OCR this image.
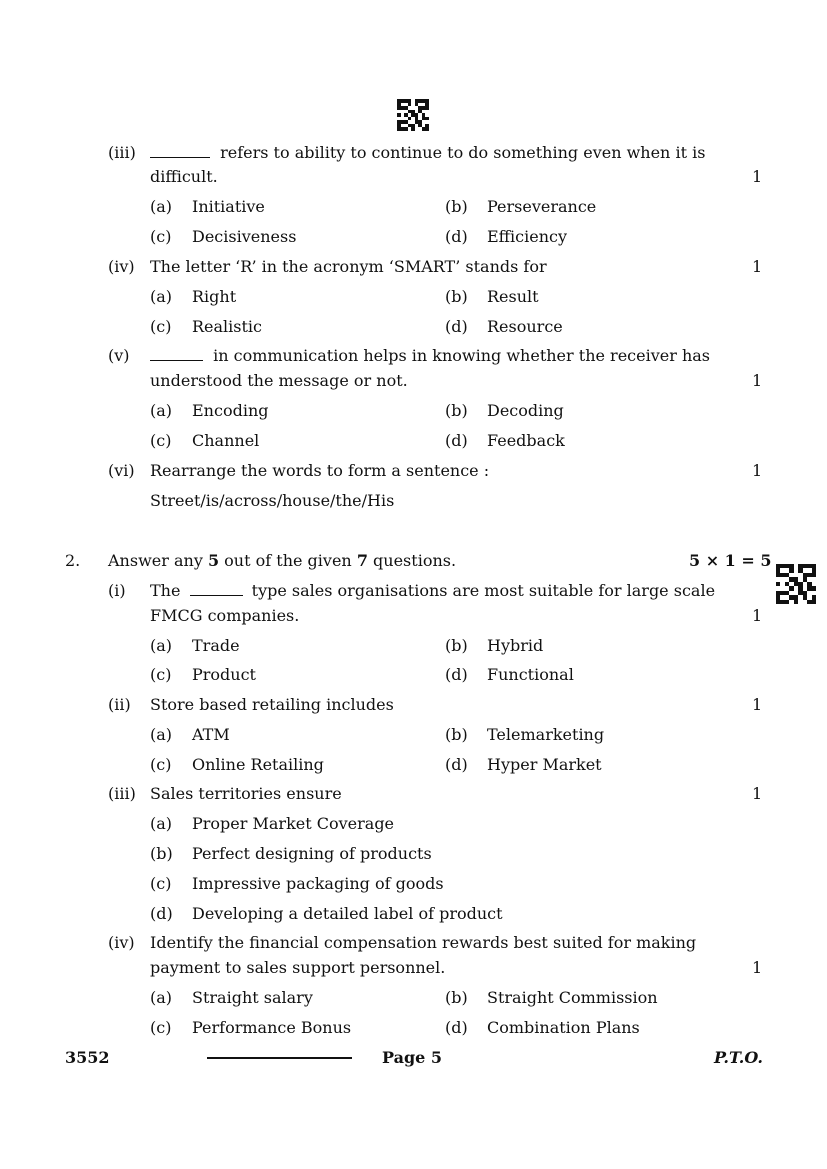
(iii)	refers to ability to continue to do something even when it is
difficult.	1
(a) Initiative	(b) Perseverance
(c) Decisiveness	(d) Efficiency
(iv) The letter ‘R’ in the acronym ‘SMART’ stands for	1
(a) Right	(b) Result
(c) Realistic	(d) Resource
(v)	in communication helps in knowing whether the receiver has
understood the message or not.	1
(a) Encoding	(b) Decoding
(c) Channel	(d) Feedback
(vi) Rearrange the words to form a sentence :	1
Street/is/across/house/the/His
2. Answer any 5 out of the given 7 questions.	5 × 1 = 5
(i) The	type sales organisations are most suitable for large scale
FMCG companies.	1
(a) Trade	(b) Hybrid
(c) Product	(d) Functional
(ii) Store based retailing includes	1
(a) ATM	(b) Telemarketing
(c) Online Retailing	(d) Hyper Market
(iii) Sales territories ensure	1
(a) Proper Market Coverage
(b) Perfect designing of products
(c) Impressive packaging of goods
(d) Developing a detailed label of product
(iv) Identify the financial compensation rewards best suited for making
payment to sales support personnel.	1
(a) Straight salary	(b) Straight Commission
(c) Performance Bonus	(d) Combination Plans
3552	Page 5	P.T.O.
